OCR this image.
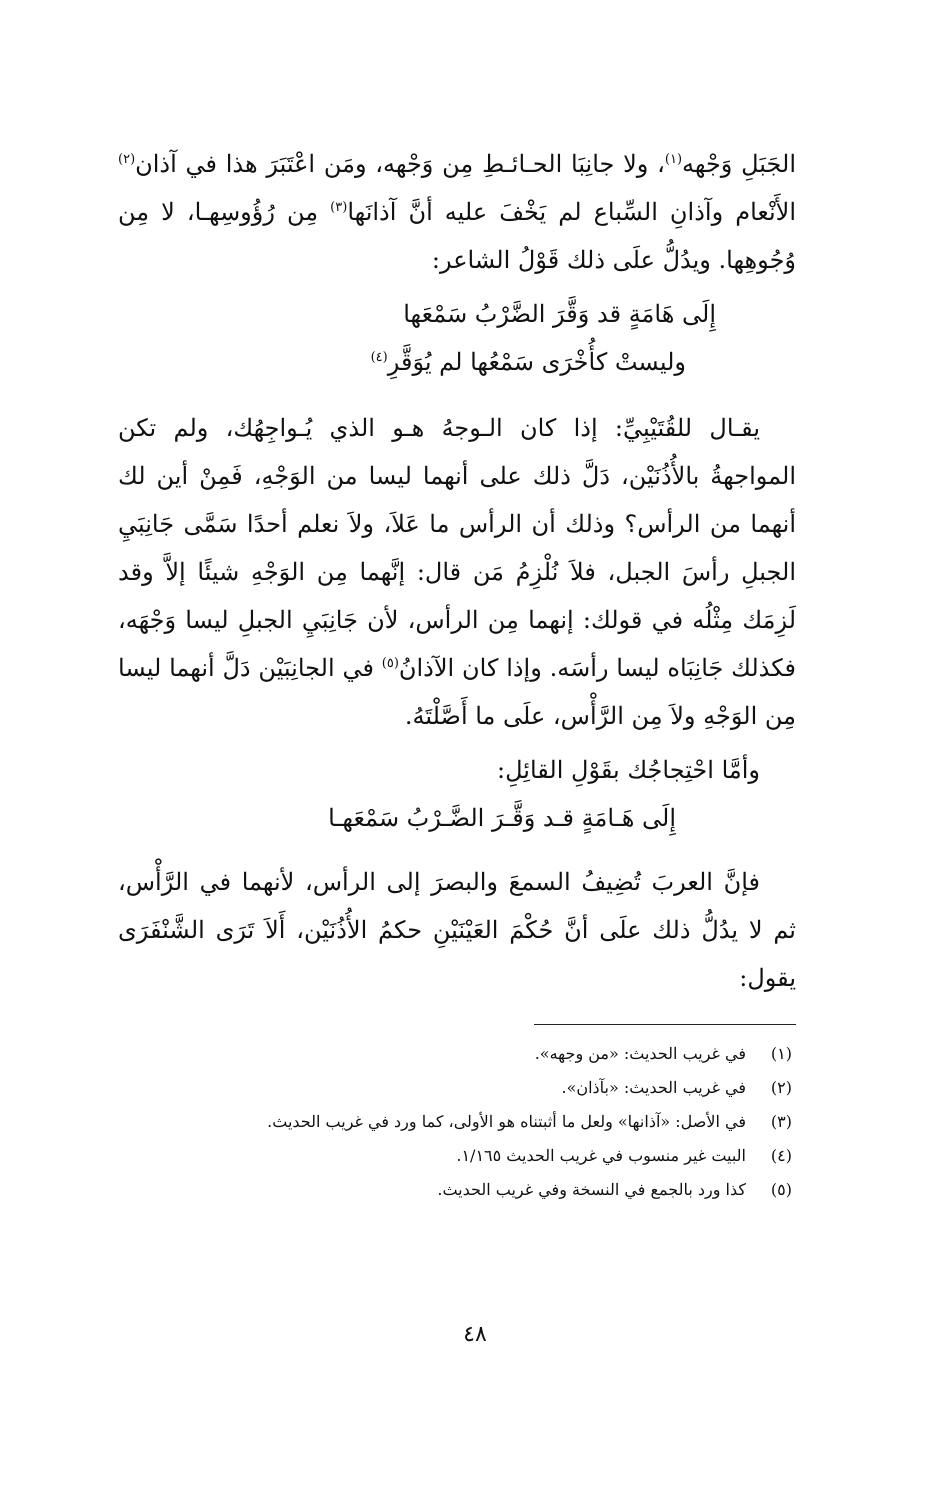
الجَبَلِ وَجْهه$^{(١)}$، ولا جانِبَا الحـائـطِ مِن وَجْهه، ومَن اعْتَبَرَ هذا في آذان$^{(٢)}$ الأَنْعام وآذانِ السِّباع لم يَخْفَ عليه أنَّ آذانَها$^{(٣)}$ مِن رُؤُوسِهـا، لا مِن وُجُوهِها. ويدُلُّ علَى ذلك قَوْلُ الشاعر:

إِلَى هَامَةٍ قد وَقَّرَ الضَّرْبُ سَمْعَها

وليستْ كأُخْرَى سَمْعُها لم يُوَقَّرِ$^{(٤)}$

يقـال للقُتَيْبِيِّ: إذا كان الـوجهُ هـو الذي يُـواجِهُك، ولم تكن المواجهةُ بالأُذُنَيْن، دَلَّ ذلك على أنهما ليسا من الوَجْهِ، فَمِنْ أين لك أنهما من الرأس؟ وذلك أن الرأس ما عَلاَ، ولاَ نعلم أحدًا سَمَّى جَانِبَيِ الجبلِ رأسَ الجبل، فلاَ نُلْزِمُ مَن قال: إنَّهما مِن الوَجْهِ شيئًا إلاَّ وقد لَزِمَك مِثْلُه في قولك: إنهما مِن الرأس، لأن جَانِبَيِ الجبلِ ليسا وَجْهَه، فكذلك جَانِبَاه ليسا رأسَه. وإذا كان الآذانُ$^{(٥)}$ في الجانِبَيْن دَلَّ أنهما ليسا مِن الوَجْهِ ولاَ مِن الرَّأْس، علَى ما أَصَّلْتَهُ.

وأمَّا احْتِجاجُك بقَوْلِ القائِلِ:

إِلَى هَـامَةٍ قـد وَقَّـرَ الضَّـرْبُ سَمْعَهـا

فإنَّ العربَ تُضِيفُ السمعَ والبصرَ إلى الرأس، لأنهما في الرَّأْس، ثم لا يدُلُّ ذلك علَى أنَّ حُكْمَ العَيْنَيْنِ حكمُ الأُذُنَيْن، أَلاَ تَرَى الشَّنْفَرَى يقول:

(١)
في غريب الحديث: «من وجهه».
(٢)
في غريب الحديث: «بآذان».
(٣)
في الأصل: «آذانها» ولعل ما أثبتناه هو الأولى، كما ورد في غريب الحديث.
(٤)
البيت غير منسوب في غريب الحديث ١/١٦٥.
(٥)
كذا ورد بالجمع في النسخة وفي غريب الحديث.
٤٨
